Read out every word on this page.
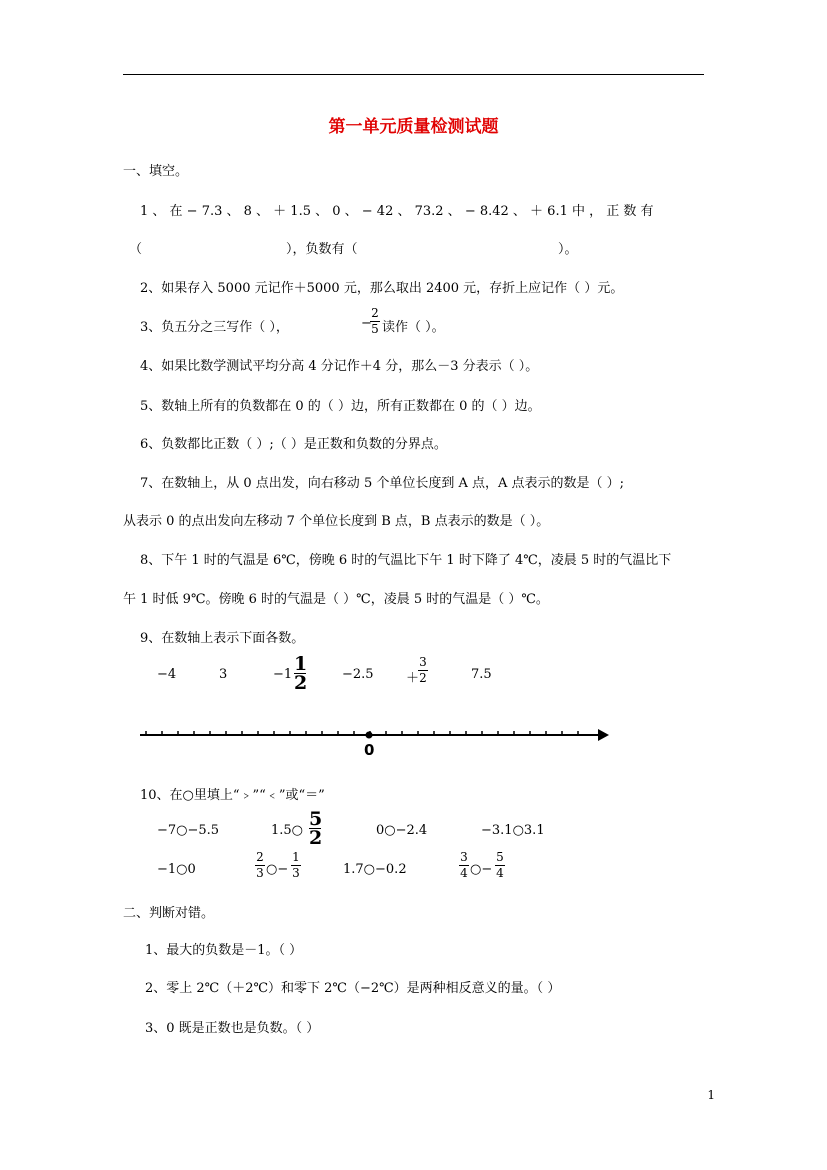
第一单元质量检测试题
一、填空。
1 、 在 − 7.3 、 8 、 ＋ 1.5 、 0 、 − 42 、 73.2 、 − 8.42 、 ＋ 6.1 中 ， 正 数 有
（	），负数有（	）。
2、如果存入 5000 元记作＋5000 元，那么取出 2400 元，存折上应记作（ ）元。
3、负五分之三写作（ ），	−
2
5 读作（ ）。
4、如果比数学测试平均分高 4 分记作＋4 分，那么－3 分表示（ ）。
5、数轴上所有的负数都在 0 的（ ）边，所有正数都在 0 的（ ）边。
6、负数都比正数（ ）;（ ）是正数和负数的分界点。
7、在数轴上，从 0 点出发，向右移动 5 个单位长度到 A 点，A 点表示的数是（ ）;
从表示 0 的点出发向左移动 7 个单位长度到 B 点，B 点表示的数是（ ）。
8、下午 1 时的气温是 6℃，傍晚 6 时的气温比下午 1 时下降了 4℃，凌晨 5 时的气温比下
午 1 时低 9℃。傍晚 6 时的气温是（ ）℃，凌晨 5 时的气温是（ ）℃。
9、在数轴上表示下面各数。
−4	3	−1 1
2	−2.5 ＋
3
2	7.5
0
10、在○里填上“﹥”“﹤”或“＝”
−7○−5.5	1.5○
5
2	0○−2.4	−3.1○3.1
−1○0
2
3 ○−
1
3	1.7○−0.2
3
4 ○−
5
4
二、判断对错。
1、最大的负数是－1。（ ）
2、零上 2℃（＋2℃）和零下 2℃（−2℃）是两种相反意义的量。（ ）
3、0 既是正数也是负数。（ ）
1
